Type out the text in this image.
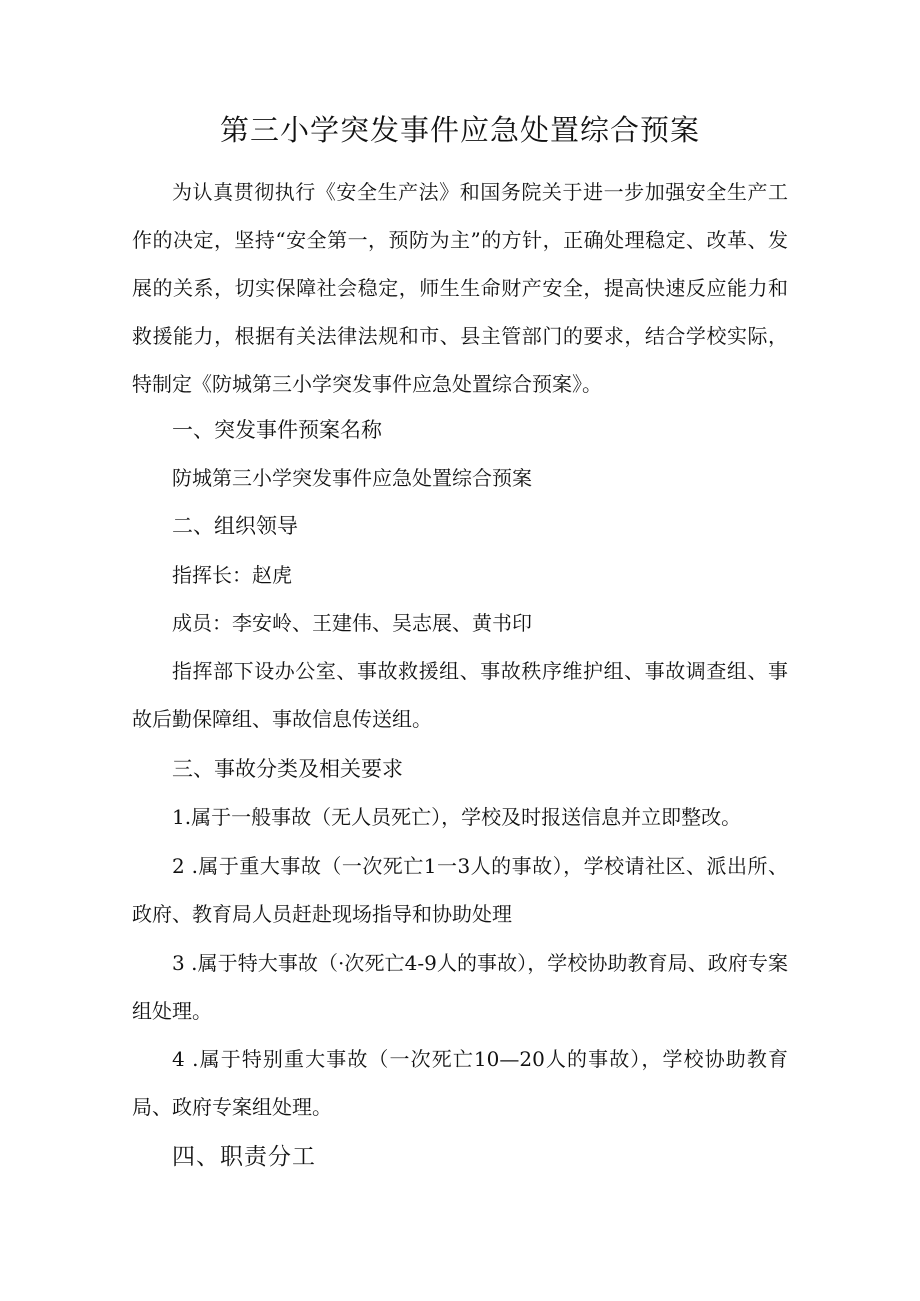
第三小学突发事件应急处置综合预案
为认真贯彻执行《安全生产法》和国务院关于进一步加强安全生产工作的决定，坚持“安全第一，预防为主”的方针，正确处理稳定、改革、发展的关系，切实保障社会稳定，师生生命财产安全，提高快速反应能力和救援能力，根据有关法律法规和市、县主管部门的要求，结合学校实际，特制定《防城第三小学突发事件应急处置综合预案》。
一、突发事件预案名称
防城第三小学突发事件应急处置综合预案
二、组织领导
指挥长：赵虎
成员：李安岭、王建伟、吴志展、黄书印
指挥部下设办公室、事故救援组、事故秩序维护组、事故调查组、事故后勤保障组、事故信息传送组。
三、事故分类及相关要求
1.属于一般事故（无人员死亡），学校及时报送信息并立即整改。
2 .属于重大事故（一次死亡1一3人的事故），学校请社区、派出所、政府、教育局人员赶赴现场指导和协助处理
3 .属于特大事故（·次死亡4-9人的事故），学校协助教育局、政府专案组处理。
4 .属于特别重大事故（一次死亡10—20人的事故），学校协助教育局、政府专案组处理。
四、职责分工
